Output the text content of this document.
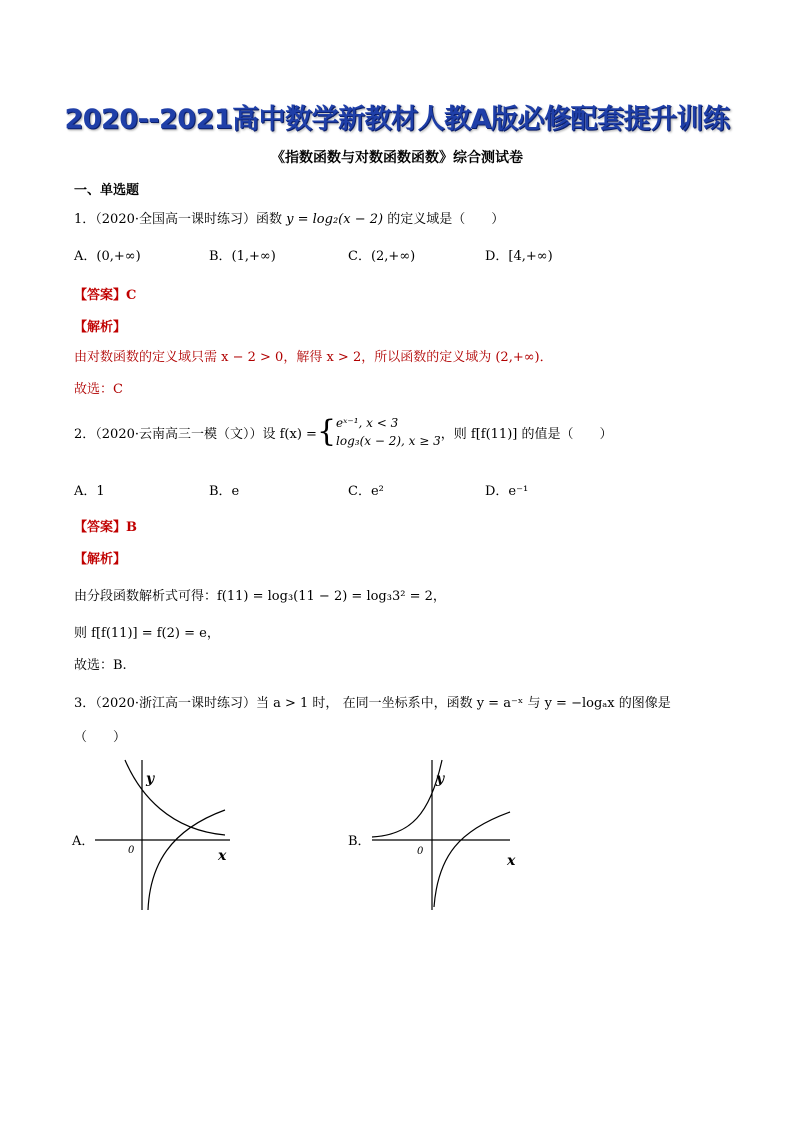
2020--2021高中数学新教材人教A版必修配套提升训练
《指数函数与对数函数函数》综合测试卷
一、单选题
1．（2020·全国高一课时练习）函数 y = log₂(x − 2) 的定义域是（　　）
A．(0,+∞)	B．(1,+∞)	C．(2,+∞)	D．[4,+∞)
【答案】C
【解析】
由对数函数的定义域只需 x − 2 > 0，解得 x > 2，所以函数的定义域为 (2,+∞)．
故选：C
2．（2020·云南高三一模（文））设 f(x) = { eˣ⁻¹, x < 3
log₃(x − 2), x ≥ 3 ，则 f[f(11)] 的值是（　　）
A．1	B．e	C．e²	D．e⁻¹
【答案】B
【解析】
由分段函数解析式可得：f(11) = log₃(11 − 2) = log₃3² = 2，
则 f[f(11)] = f(2) = e，
故选：B.
3．（2020·浙江高一课时练习）当 a > 1 时， 在同一坐标系中，函数 y = a⁻ˣ 与 y = −logₐx 的图像是
（　　）
A．
y
0	x
B．
y
0
x
